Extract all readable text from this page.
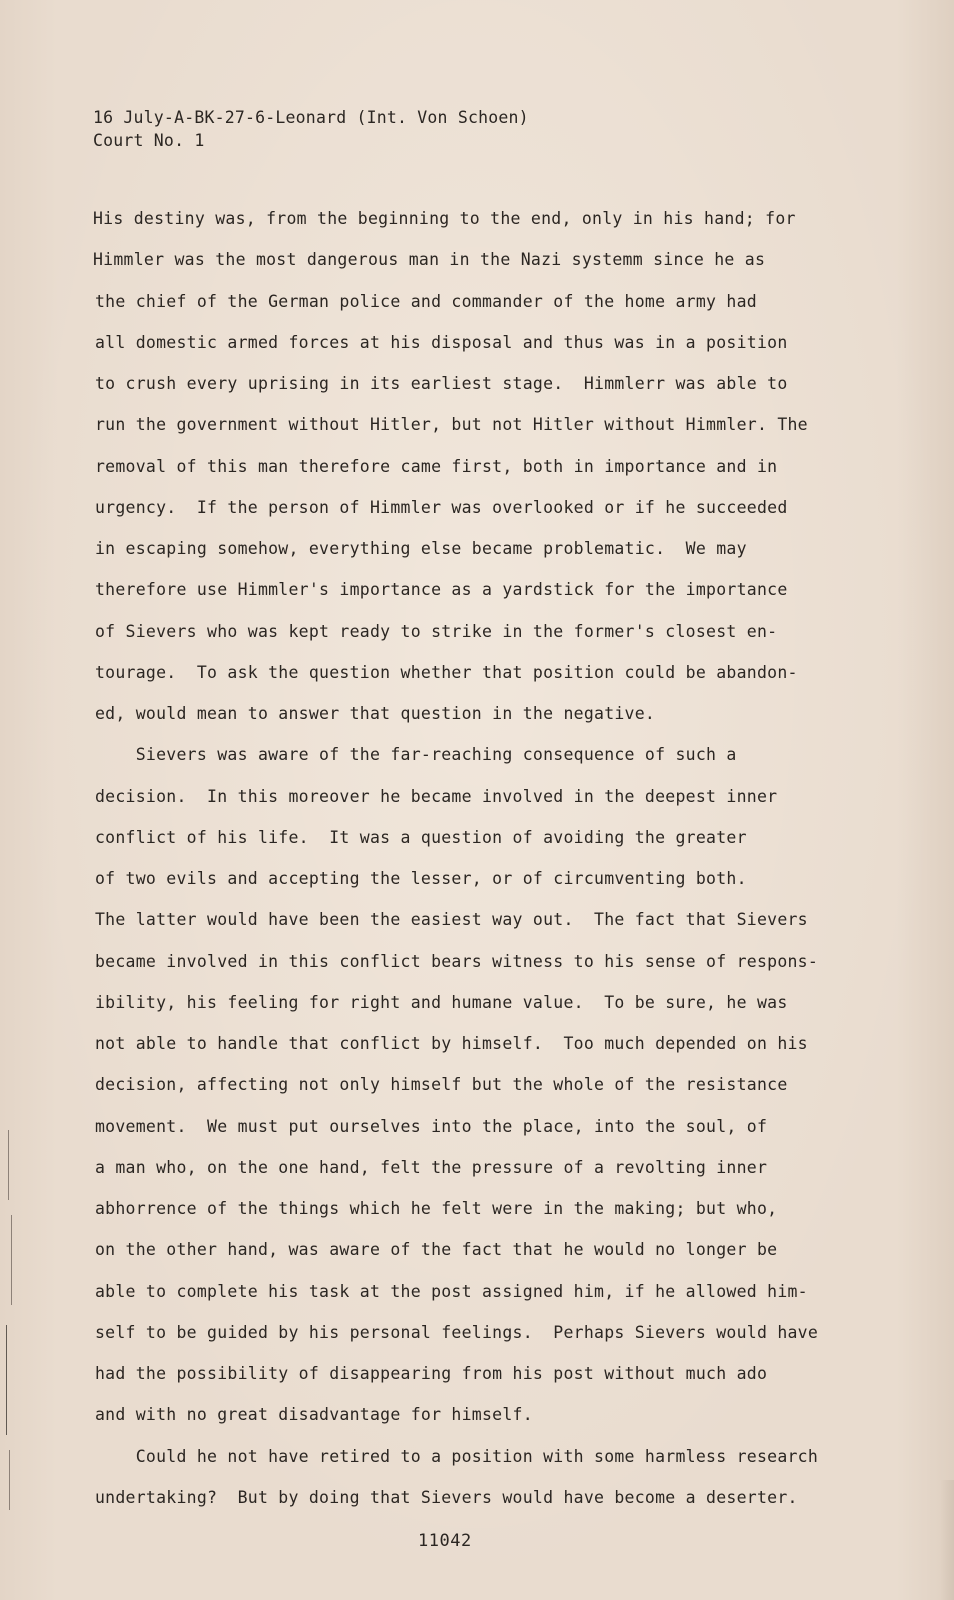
16 July-A-BK-27-6-Leonard (Int. Von Schoen)
Court No. 1
His destiny was, from the beginning to the end, only in his hand; for
Himmler was the most dangerous man in the Nazi systemm since he as
the chief of the German police and commander of the home army had
all domestic armed forces at his disposal and thus was in a position
to crush every uprising in its earliest stage.  Himmlerr was able to
run the government without Hitler, but not Hitler without Himmler. The
removal of this man therefore came first, both in importance and in
urgency.  If the person of Himmler was overlooked or if he succeeded
in escaping somehow, everything else became problematic.  We may
therefore use Himmler's importance as a yardstick for the importance
of Sievers who was kept ready to strike in the former's closest en-
tourage.  To ask the question whether that position could be abandon-
ed, would mean to answer that question in the negative.
Sievers was aware of the far-reaching consequence of such a
decision.  In this moreover he became involved in the deepest inner
conflict of his life.  It was a question of avoiding the greater
of two evils and accepting the lesser, or of circumventing both.
The latter would have been the easiest way out.  The fact that Sievers
became involved in this conflict bears witness to his sense of respons-
ibility, his feeling for right and humane value.  To be sure, he was
not able to handle that conflict by himself.  Too much depended on his
decision, affecting not only himself but the whole of the resistance
movement.  We must put ourselves into the place, into the soul, of
a man who, on the one hand, felt the pressure of a revolting inner
abhorrence of the things which he felt were in the making; but who,
on the other hand, was aware of the fact that he would no longer be
able to complete his task at the post assigned him, if he allowed him-
self to be guided by his personal feelings.  Perhaps Sievers would have
had the possibility of disappearing from his post without much ado
and with no great disadvantage for himself.
Could he not have retired to a position with some harmless research
undertaking?  But by doing that Sievers would have become a deserter.
11042
